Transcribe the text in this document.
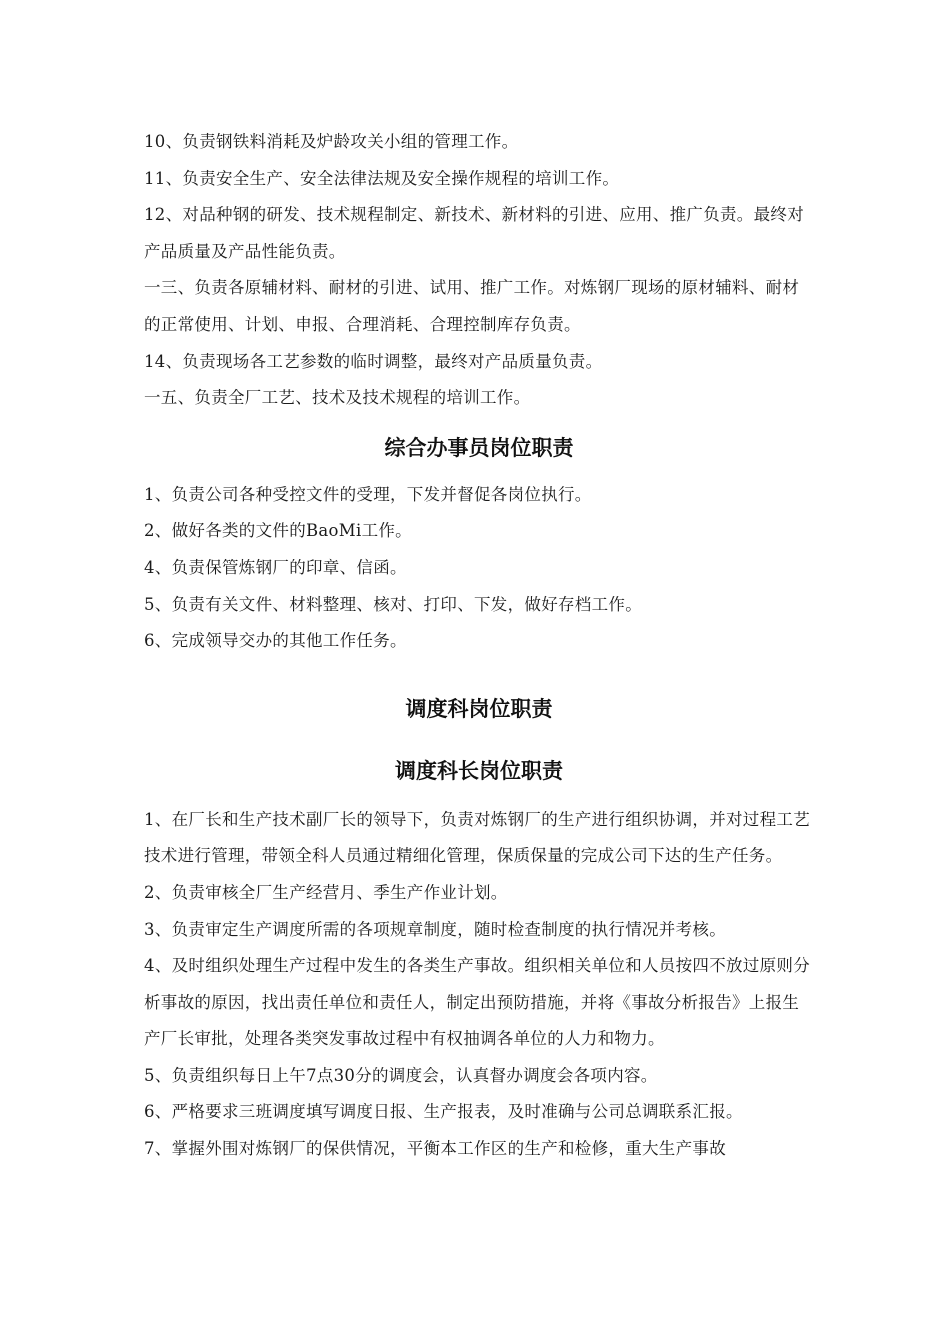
10、负责钢铁料消耗及炉龄攻关小组的管理工作。

11、负责安全生产、安全法律法规及安全操作规程的培训工作。

12、对品种钢的研发、技术规程制定、新技术、新材料的引进、应用、推广负责。最终对产品质量及产品性能负责。

一三、负责各原辅材料、耐材的引进、试用、推广工作。对炼钢厂现场的原材辅料、耐材的正常使用、计划、申报、合理消耗、合理控制库存负责。

14、负责现场各工艺参数的临时调整，最终对产品质量负责。

一五、负责全厂工艺、技术及技术规程的培训工作。

综合办事员岗位职责

1、负责公司各种受控文件的受理，下发并督促各岗位执行。

2、做好各类的文件的BaoMi工作。

4、负责保管炼钢厂的印章、信函。

5、负责有关文件、材料整理、核对、打印、下发，做好存档工作。

6、完成领导交办的其他工作任务。

调度科岗位职责
调度科长岗位职责

1、在厂长和生产技术副厂长的领导下，负责对炼钢厂的生产进行组织协调，并对过程工艺技术进行管理，带领全科人员通过精细化管理，保质保量的完成公司下达的生产任务。

2、负责审核全厂生产经营月、季生产作业计划。

3、负责审定生产调度所需的各项规章制度，随时检查制度的执行情况并考核。

4、及时组织处理生产过程中发生的各类生产事故。组织相关单位和人员按四不放过原则分析事故的原因，找出责任单位和责任人，制定出预防措施，并将《事故分析报告》上报生产厂长审批，处理各类突发事故过程中有权抽调各单位的人力和物力。

5、负责组织每日上午7点30分的调度会，认真督办调度会各项内容。

6、严格要求三班调度填写调度日报、生产报表，及时准确与公司总调联系汇报。

7、掌握外围对炼钢厂的保供情况，平衡本工作区的生产和检修，重大生产事故
